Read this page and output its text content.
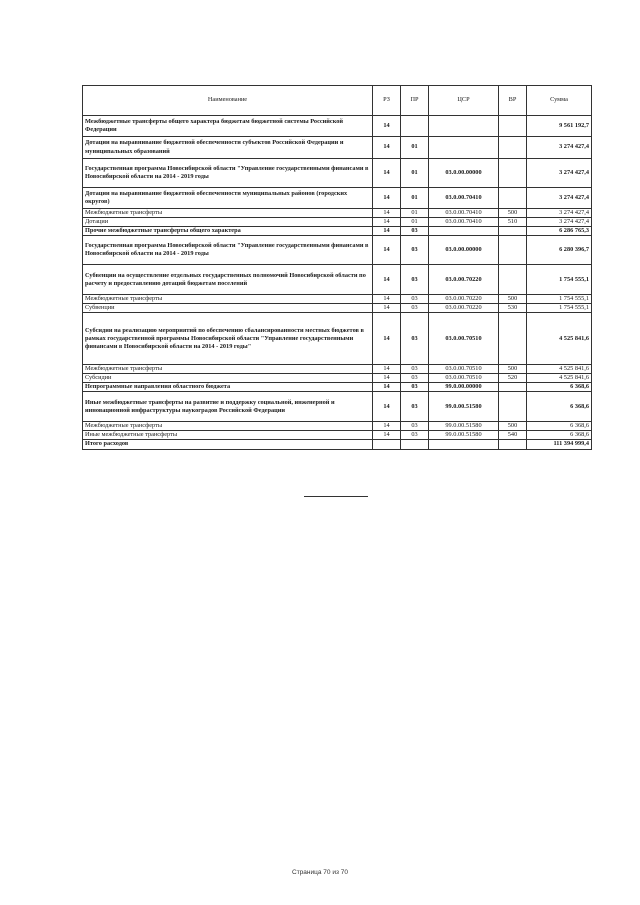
Наименование	РЗ	ПР	ЦСР	ВР	Сумма
Межбюджетные трансферты общего характера бюджетам бюджетной системы Российской Федерации	14				9 561 192,7
Дотации на выравнивание бюджетной обеспеченности субъектов Российской Федерации и муниципальных образований	14	01			3 274 427,4
Государственная программа Новосибирской области "Управление государственными финансами в Новосибирской области на 2014 - 2019 годы	14	01	03.0.00.00000		3 274 427,4
Дотации на выравнивание бюджетной обеспеченности муниципальных районов (городских округов)	14	01	03.0.00.70410		3 274 427,4
Межбюджетные трансферты	14	01	03.0.00.70410	500	3 274 427,4
Дотации	14	01	03.0.00.70410	510	3 274 427,4
Прочие межбюджетные трансферты общего характера	14	03			6 286 765,3
Государственная программа Новосибирской области "Управление государственными финансами в Новосибирской области на 2014 - 2019 годы	14	03	03.0.00.00000		6 280 396,7
Субвенции на осуществление отдельных государственных полномочий Новосибирской области по расчету и предоставлению дотаций бюджетам поселений	14	03	03.0.00.70220		1 754 555,1
Межбюджетные трансферты	14	03	03.0.00.70220	500	1 754 555,1
Субвенции	14	03	03.0.00.70220	530	1 754 555,1
Субсидии на реализацию мероприятий по обеспечению сбалансированности местных бюджетов в рамках государственной программы Новосибирской области "Управление государственными финансами в Новосибирской области на 2014 - 2019 годы"	14	03	03.0.00.70510		4 525 841,6
Межбюджетные трансферты	14	03	03.0.00.70510	500	4 525 841,6
Субсидии	14	03	03.0.00.70510	520	4 525 841,6
Непрограммные направления областного бюджета	14	03	99.0.00.00000		6 368,6
Иные межбюджетные трансферты на развитие и поддержку социальной, инженерной и инновационной инфраструктуры наукоградов Российской Федерации	14	03	99.0.00.51580		6 368,6
Межбюджетные трансферты	14	03	99.0.00.51580	500	6 368,6
Иные межбюджетные трансферты	14	03	99.0.00.51580	540	6 368,6
Итого расходов					111 394 999,4
Страница 70 из 70
